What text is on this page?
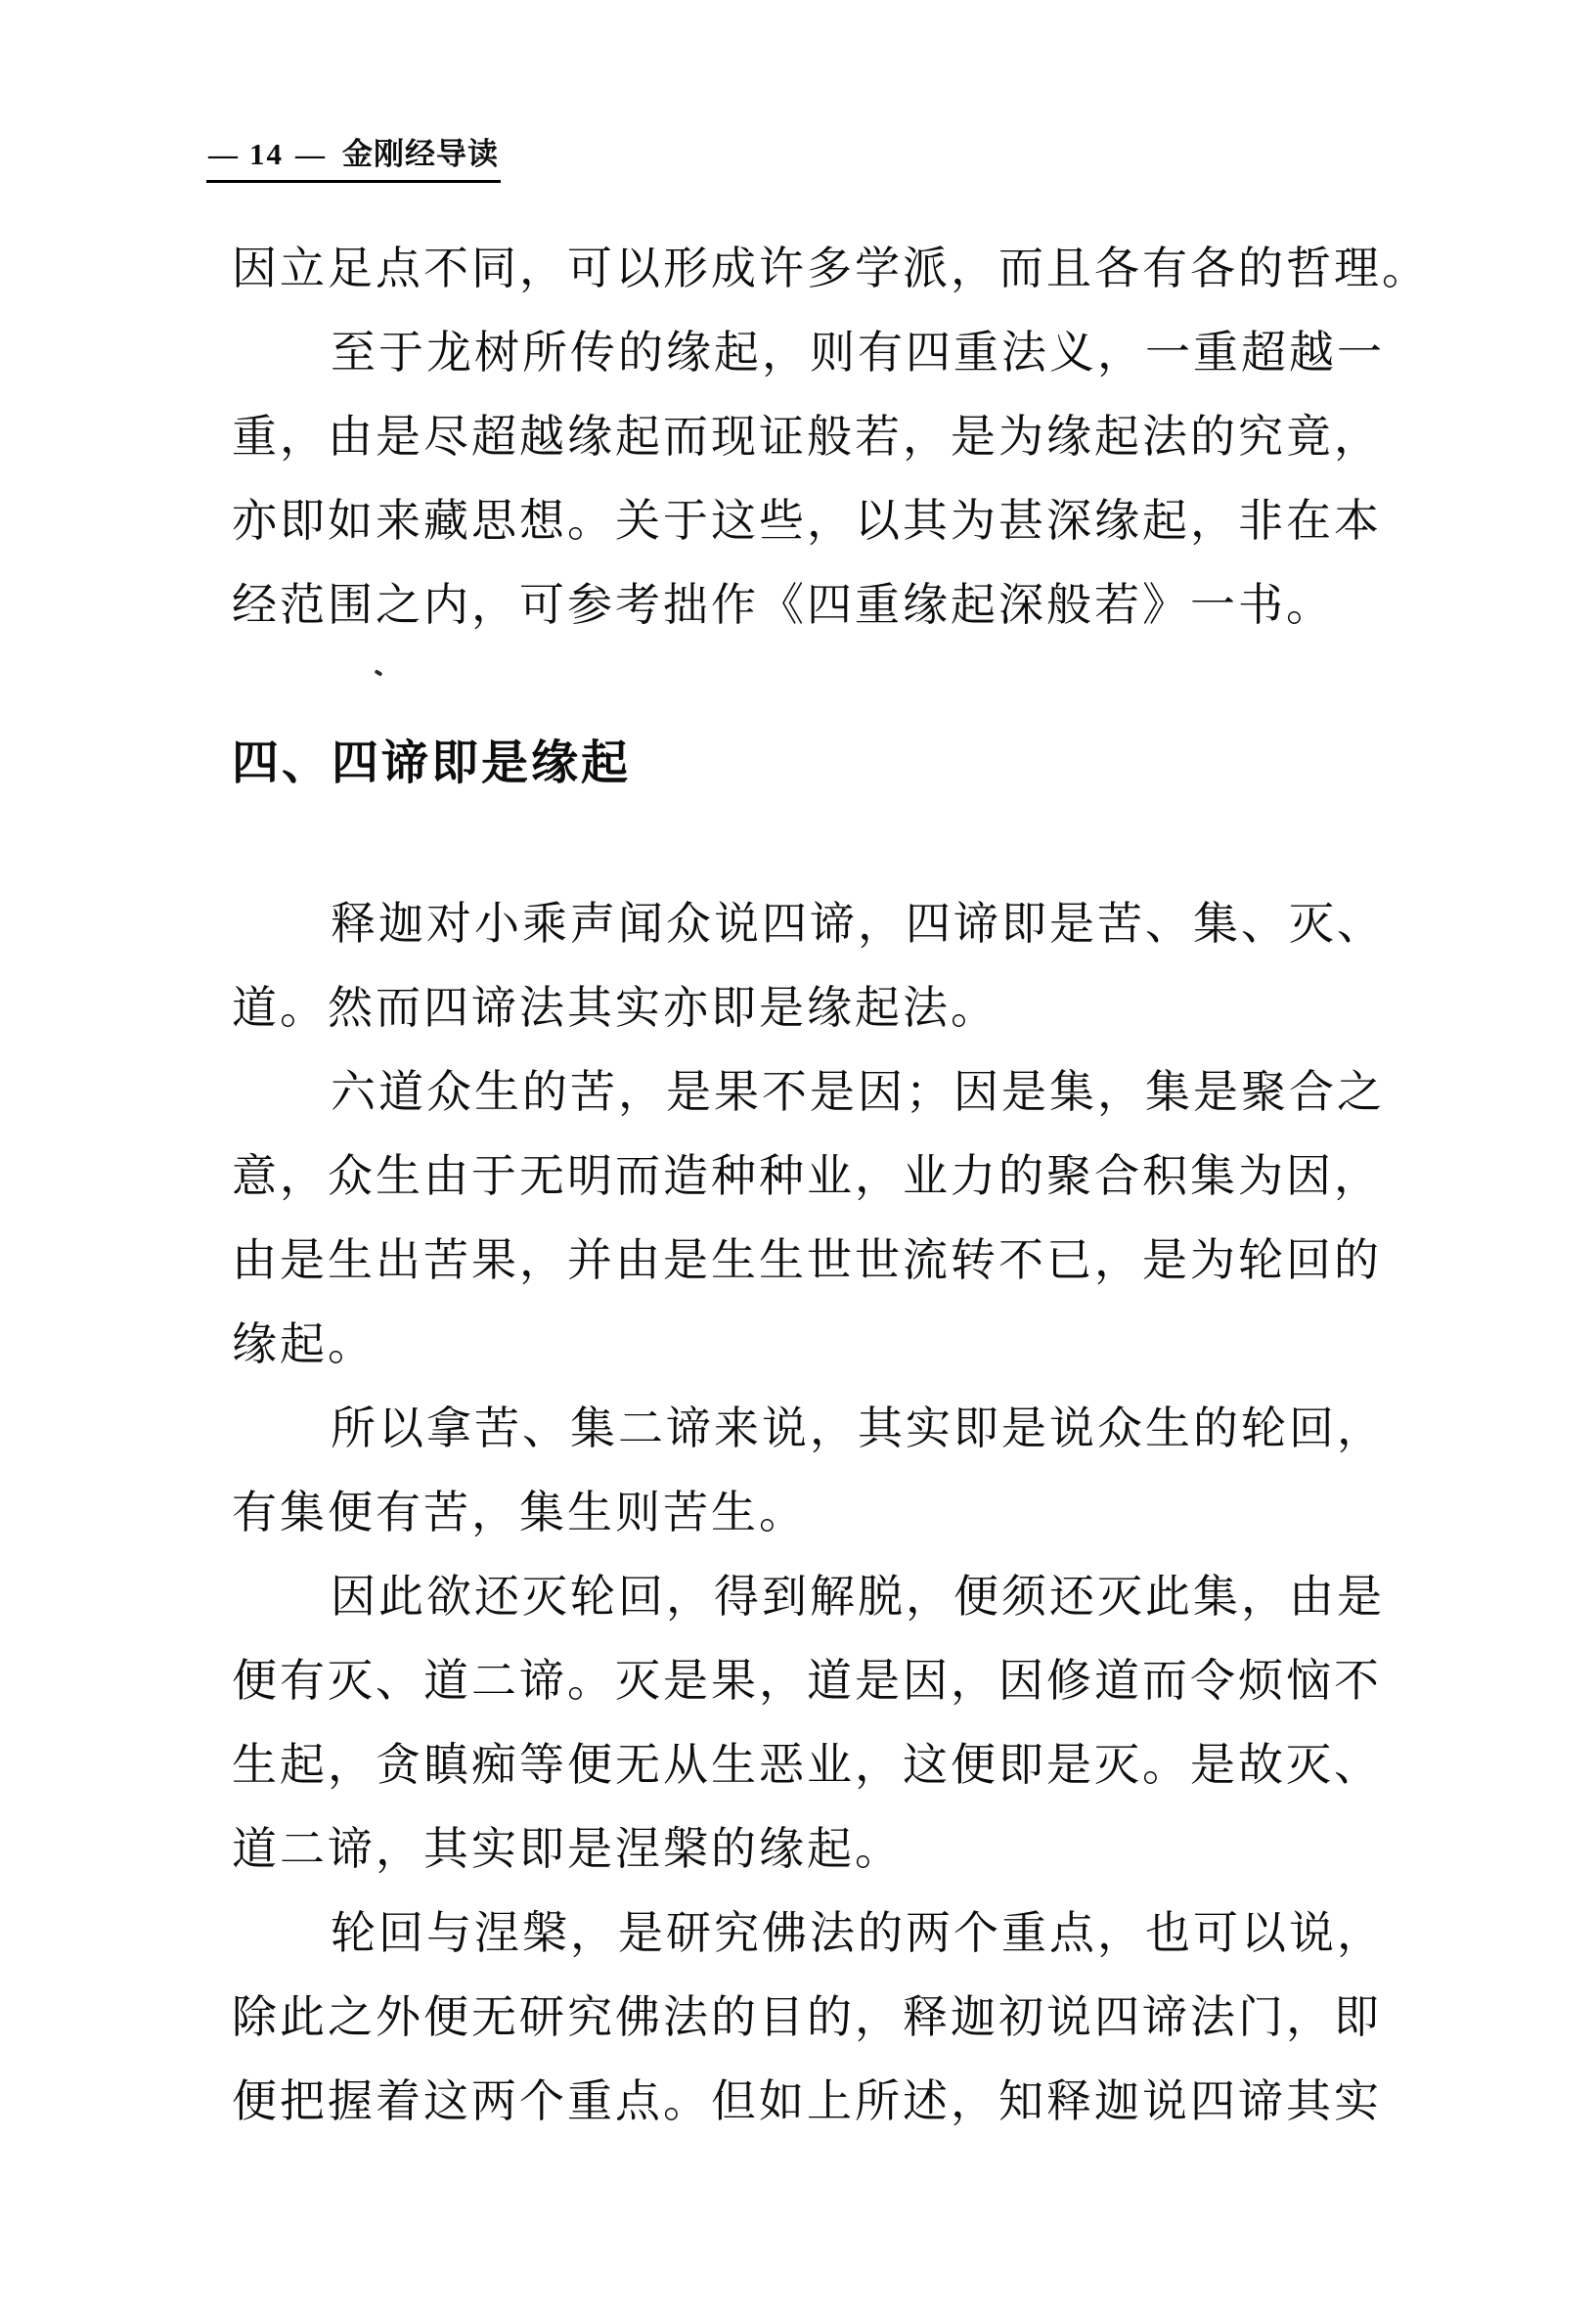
— 14 — 金刚经导读
因立足点不同，可以形成许多学派，而且各有各的哲理。
至于龙树所传的缘起，则有四重法义，一重超越一
重，由是尽超越缘起而现证般若，是为缘起法的究竟，
亦即如来藏思想。关于这些，以其为甚深缘起，非在本
经范围之内，可参考拙作《四重缘起深般若》一书。
四、四谛即是缘起
释迦对小乘声闻众说四谛，四谛即是苦、集、灭、
道。然而四谛法其实亦即是缘起法。
六道众生的苦，是果不是因；因是集，集是聚合之
意，众生由于无明而造种种业，业力的聚合积集为因，
由是生出苦果，并由是生生世世流转不已，是为轮回的
缘起。
所以拿苦、集二谛来说，其实即是说众生的轮回，
有集便有苦，集生则苦生。
因此欲还灭轮回，得到解脱，便须还灭此集，由是
便有灭、道二谛。灭是果，道是因，因修道而令烦恼不
生起，贪瞋痴等便无从生恶业，这便即是灭。是故灭、
道二谛，其实即是涅槃的缘起。
轮回与涅槃，是研究佛法的两个重点，也可以说，
除此之外便无研究佛法的目的，释迦初说四谛法门，即
便把握着这两个重点。但如上所述，知释迦说四谛其实
